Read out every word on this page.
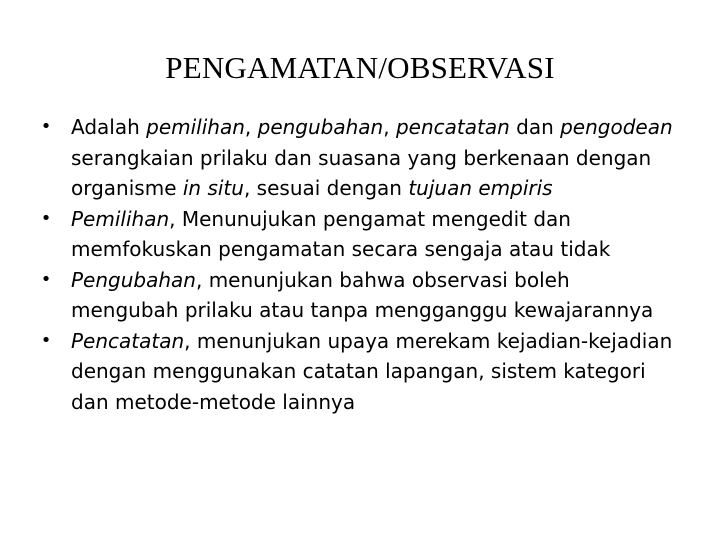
PENGAMATAN/OBSERVASI
• Adalah pemilihan, pengubahan, pencatatan dan pengodean serangkaian prilaku dan suasana yang berkenaan dengan organisme in situ, sesuai dengan tujuan empiris
• Pemilihan, Menunujukan pengamat mengedit dan memfokuskan pengamatan secara sengaja atau tidak
• Pengubahan, menunjukan bahwa observasi boleh mengubah prilaku atau tanpa mengganggu kewajarannya
• Pencatatan, menunjukan upaya merekam kejadian-kejadian dengan menggunakan catatan lapangan, sistem kategori dan metode-metode lainnya
